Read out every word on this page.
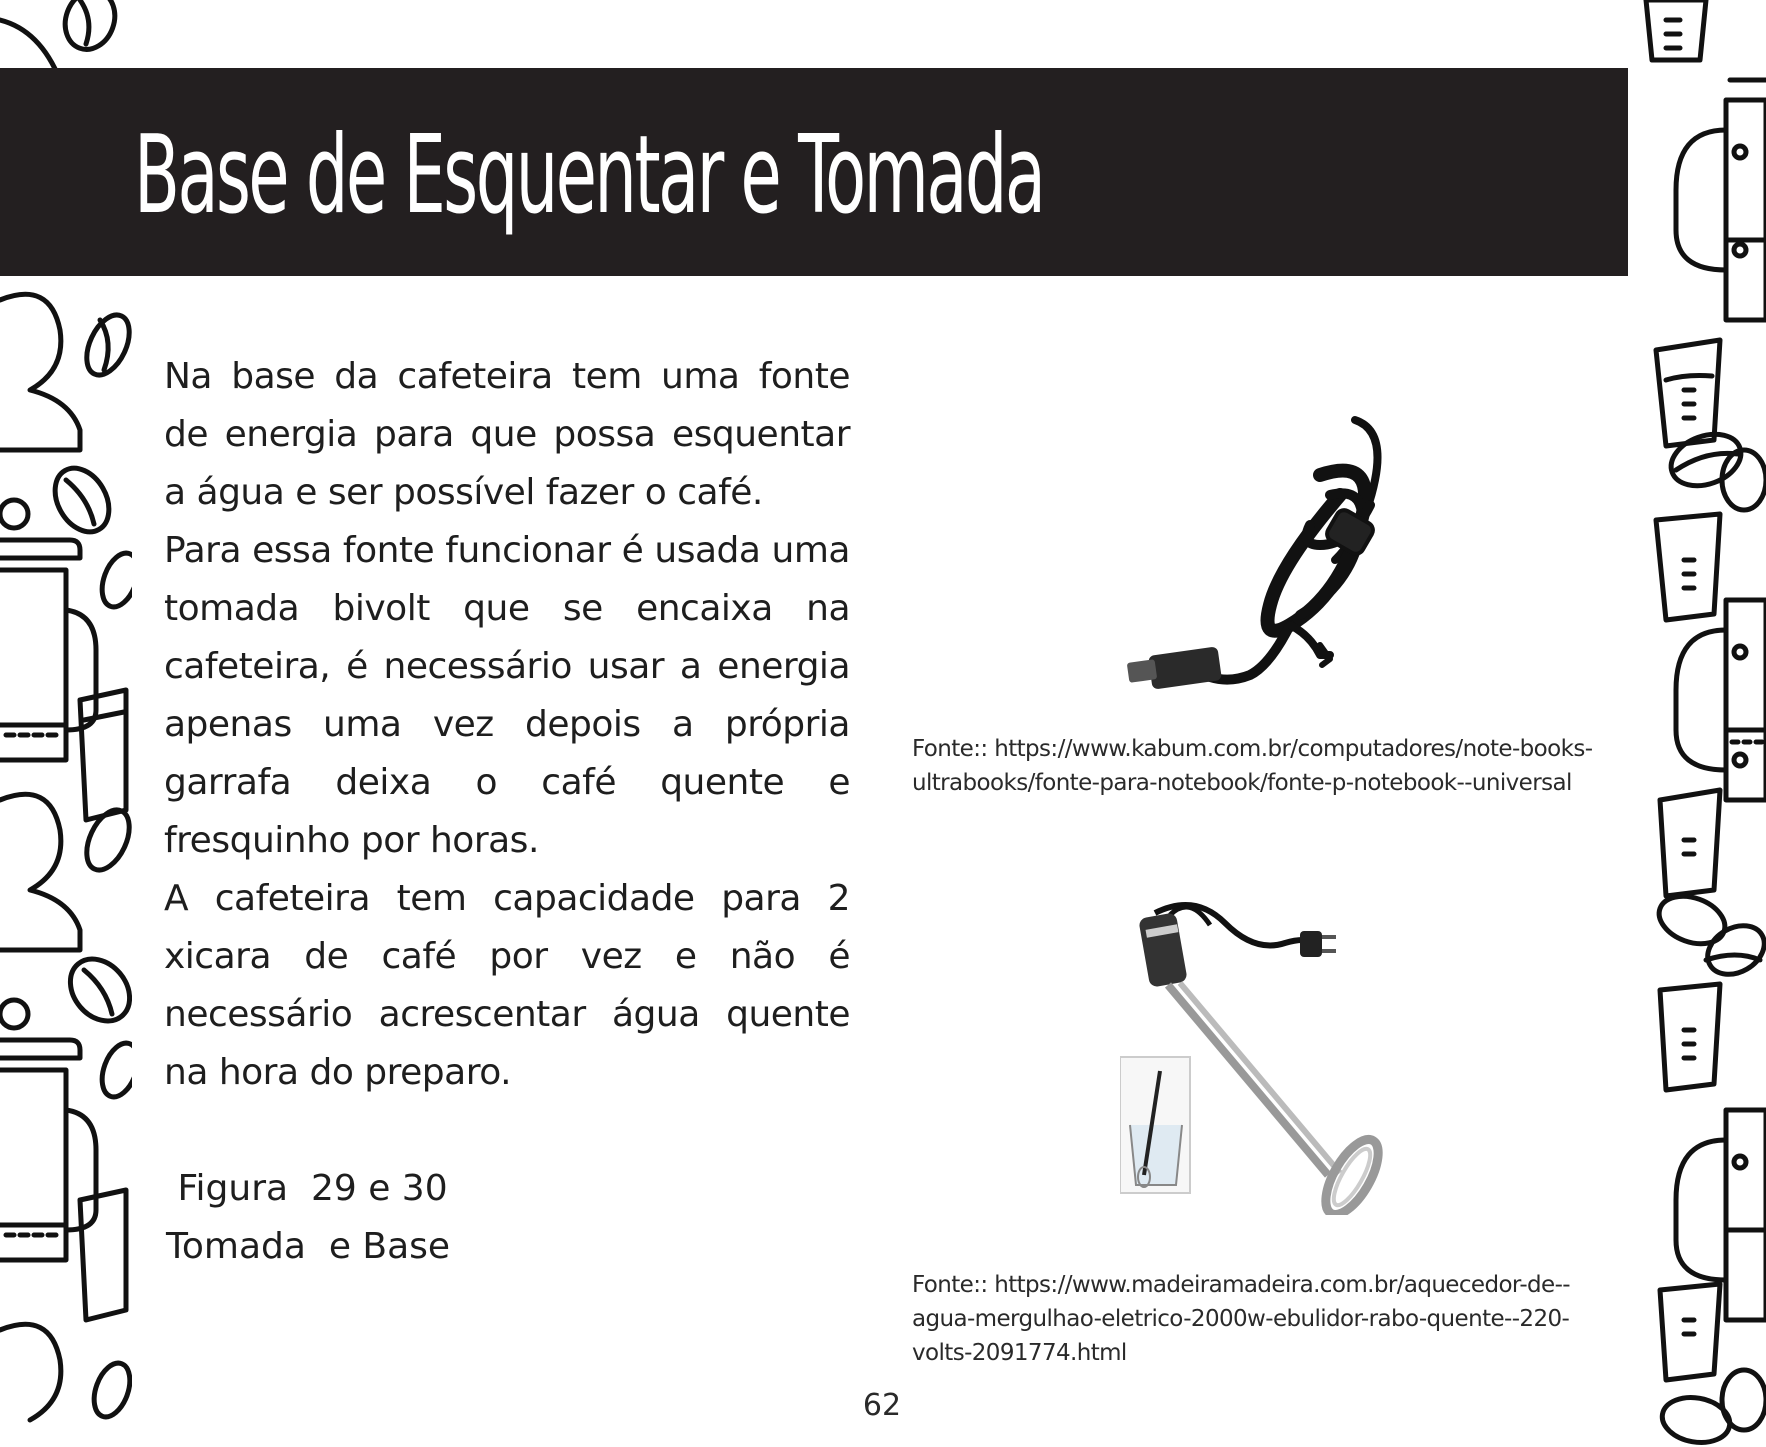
Base de Esquentar e Tomada

Na base da cafeteira tem uma fonte de energia para que possa esquentar a água e ser possível fazer o café.

Para essa fonte funcionar é usada uma tomada bivolt que se encaixa na cafeteira, é necessário usar a energia apenas uma vez depois a própria garrafa deixa o café quente e fresquinho por horas.

A cafeteira tem capacidade para 2 xicara de café por vez e não é necessário acrescentar água quente na hora do preparo.

Figura  29 e 30
Tomada  e Base

Fonte:: https://www.kabum.com.br/computadores/note-books-ultrabooks/fonte-para-notebook/fonte-p-notebook--universal

Fonte:: https://www.madeiramadeira.com.br/aquecedor-de--agua-mergulhao-eletrico-2000w-ebulidor-rabo-quente--220-volts-2091774.html

62
